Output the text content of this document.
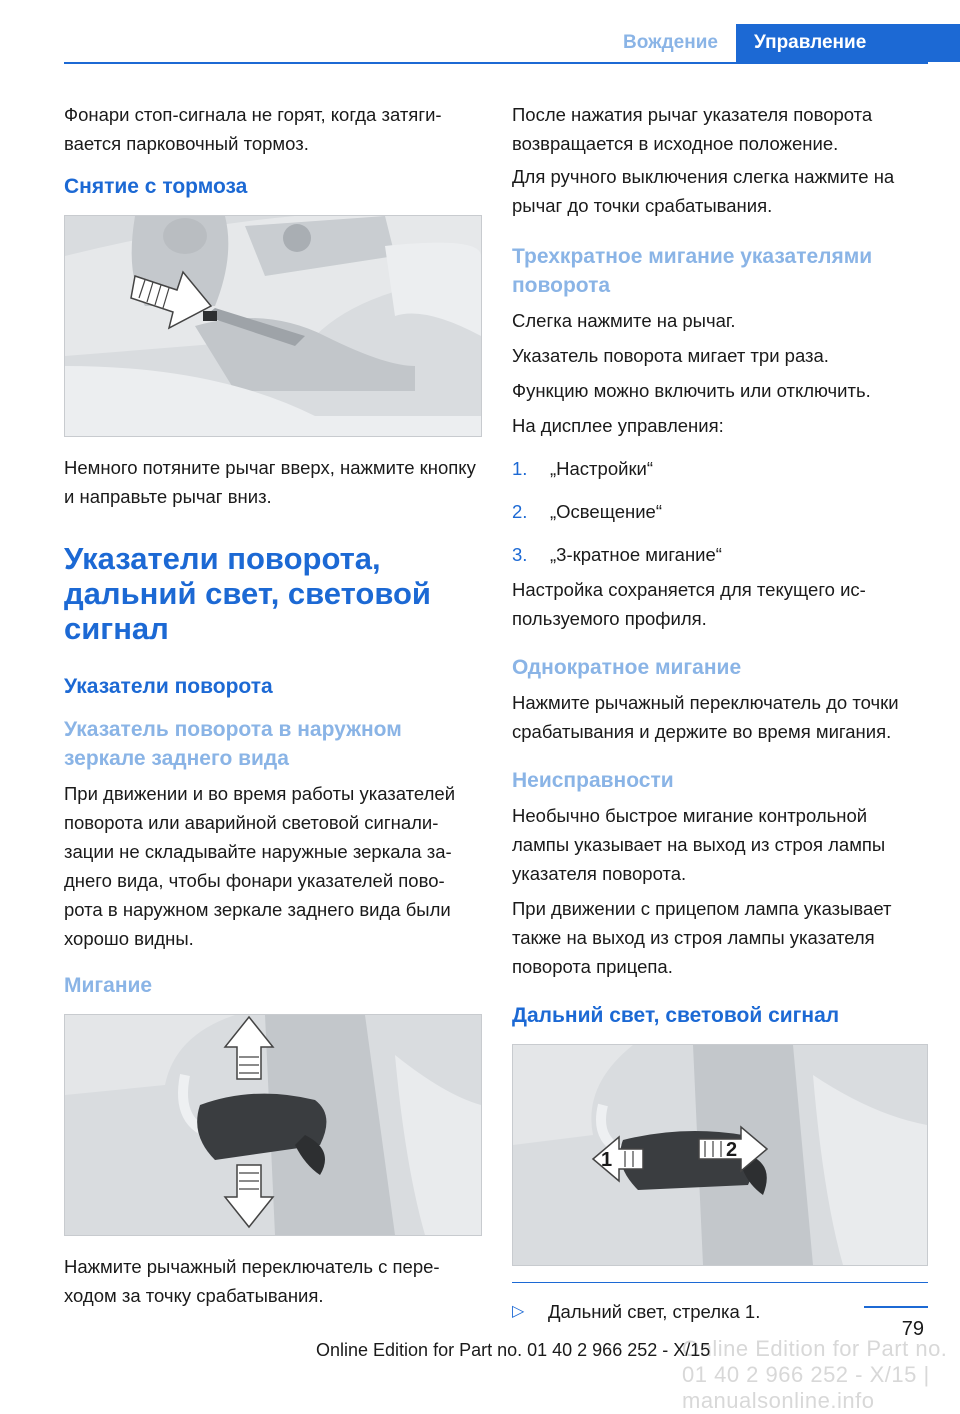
Вождение	Управление

Фонари стоп-сигнала не горят, когда затяги-вается парковочный тормоз.

Снятие с тормоза

Немного потяните рычаг вверх, нажмите кнопку и направьте рычаг вниз.

Указатели поворота, дальний свет, световой сигнал
Указатели поворота
Указатель поворота в наружном зеркале заднего вида

При движении и во время работы указателей поворота или аварийной световой сигнали-зации не складывайте наружные зеркала за-днего вида, чтобы фонари указателей пово-рота в наружном зеркале заднего вида были хорошо видны.

Мигание

Нажмите рычажный переключатель с пере-ходом за точку срабатывания.

После нажатия рычаг указателя поворота возвращается в исходное положение.

Для ручного выключения слегка нажмите на рычаг до точки срабатывания.

Трехкратное мигание указателями поворота

Слегка нажмите на рычаг.

Указатель поворота мигает три раза.

Функцию можно включить или отключить.

На дисплее управления:

1. „Настройки“
2. „Освещение“
3. „3-кратное мигание“

Настройка сохраняется для текущего ис-пользуемого профиля.

Однократное мигание

Нажмите рычажный переключатель до точки срабатывания и держите во время мигания.

Неисправности

Необычно быстрое мигание контрольной лампы указывает на выход из строя лампы указателя поворота.

При движении с прицепом лампа указывает также на выход из строя лампы указателя поворота прицепа.

Дальний свет, световой сигнал
1	2
▷ Дальний свет, стрелка 1.
79
Online Edition for Part no. 01 40 2 966 252 - X/15 | manualsonline.info
Online Edition for Part no. 01 40 2 966 252 - X/15
